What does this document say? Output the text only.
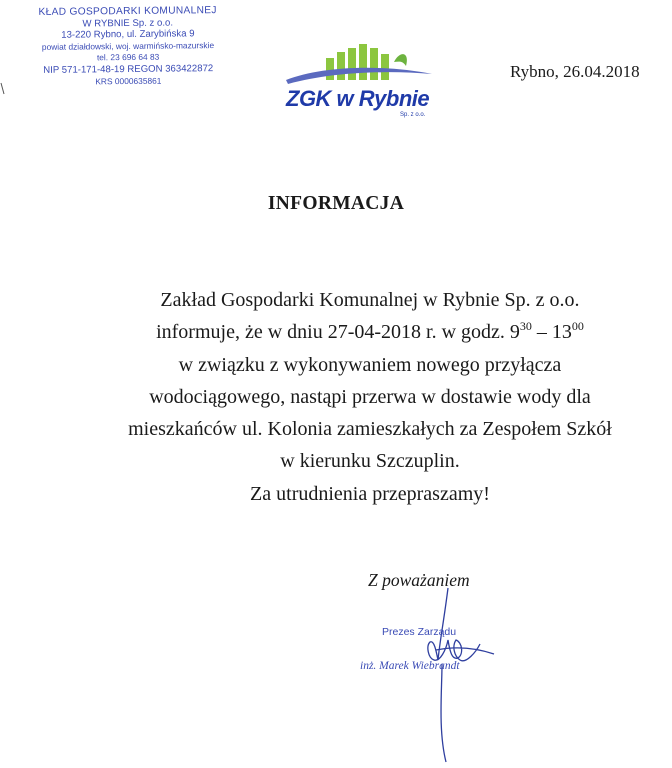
KŁAD GOSPODARKI KOMUNALNEJ
W RYBNIE Sp. z o.o.
13-220 Rybno, ul. Zarybińska 9
powiat działdowski, woj. warmińsko-mazurskie
tel. 23 696 64 83
NIP 571-171-48-19 REGON 363422872
KRS 0000635861
ZGK w Rybnie
Sp. z o.o.
Rybno, 26.04.2018
INFORMACJA

Zakład Gospodarki Komunalnej w Rybnie Sp. z o.o.

informuje, że w dniu 27-04-2018 r. w godz. $9^{30} - 13^{00}$

w związku z wykonywaniem nowego przyłącza

wodociągowego, nastąpi przerwa w dostawie wody dla

mieszkańców ul. Kolonia zamieszkałych za Zespołem Szkół

w kierunku Szczuplin.

Za utrudnienia przepraszamy!

Z poważaniem
Prezes Zarządu
inż. Marek Wiebrandt
